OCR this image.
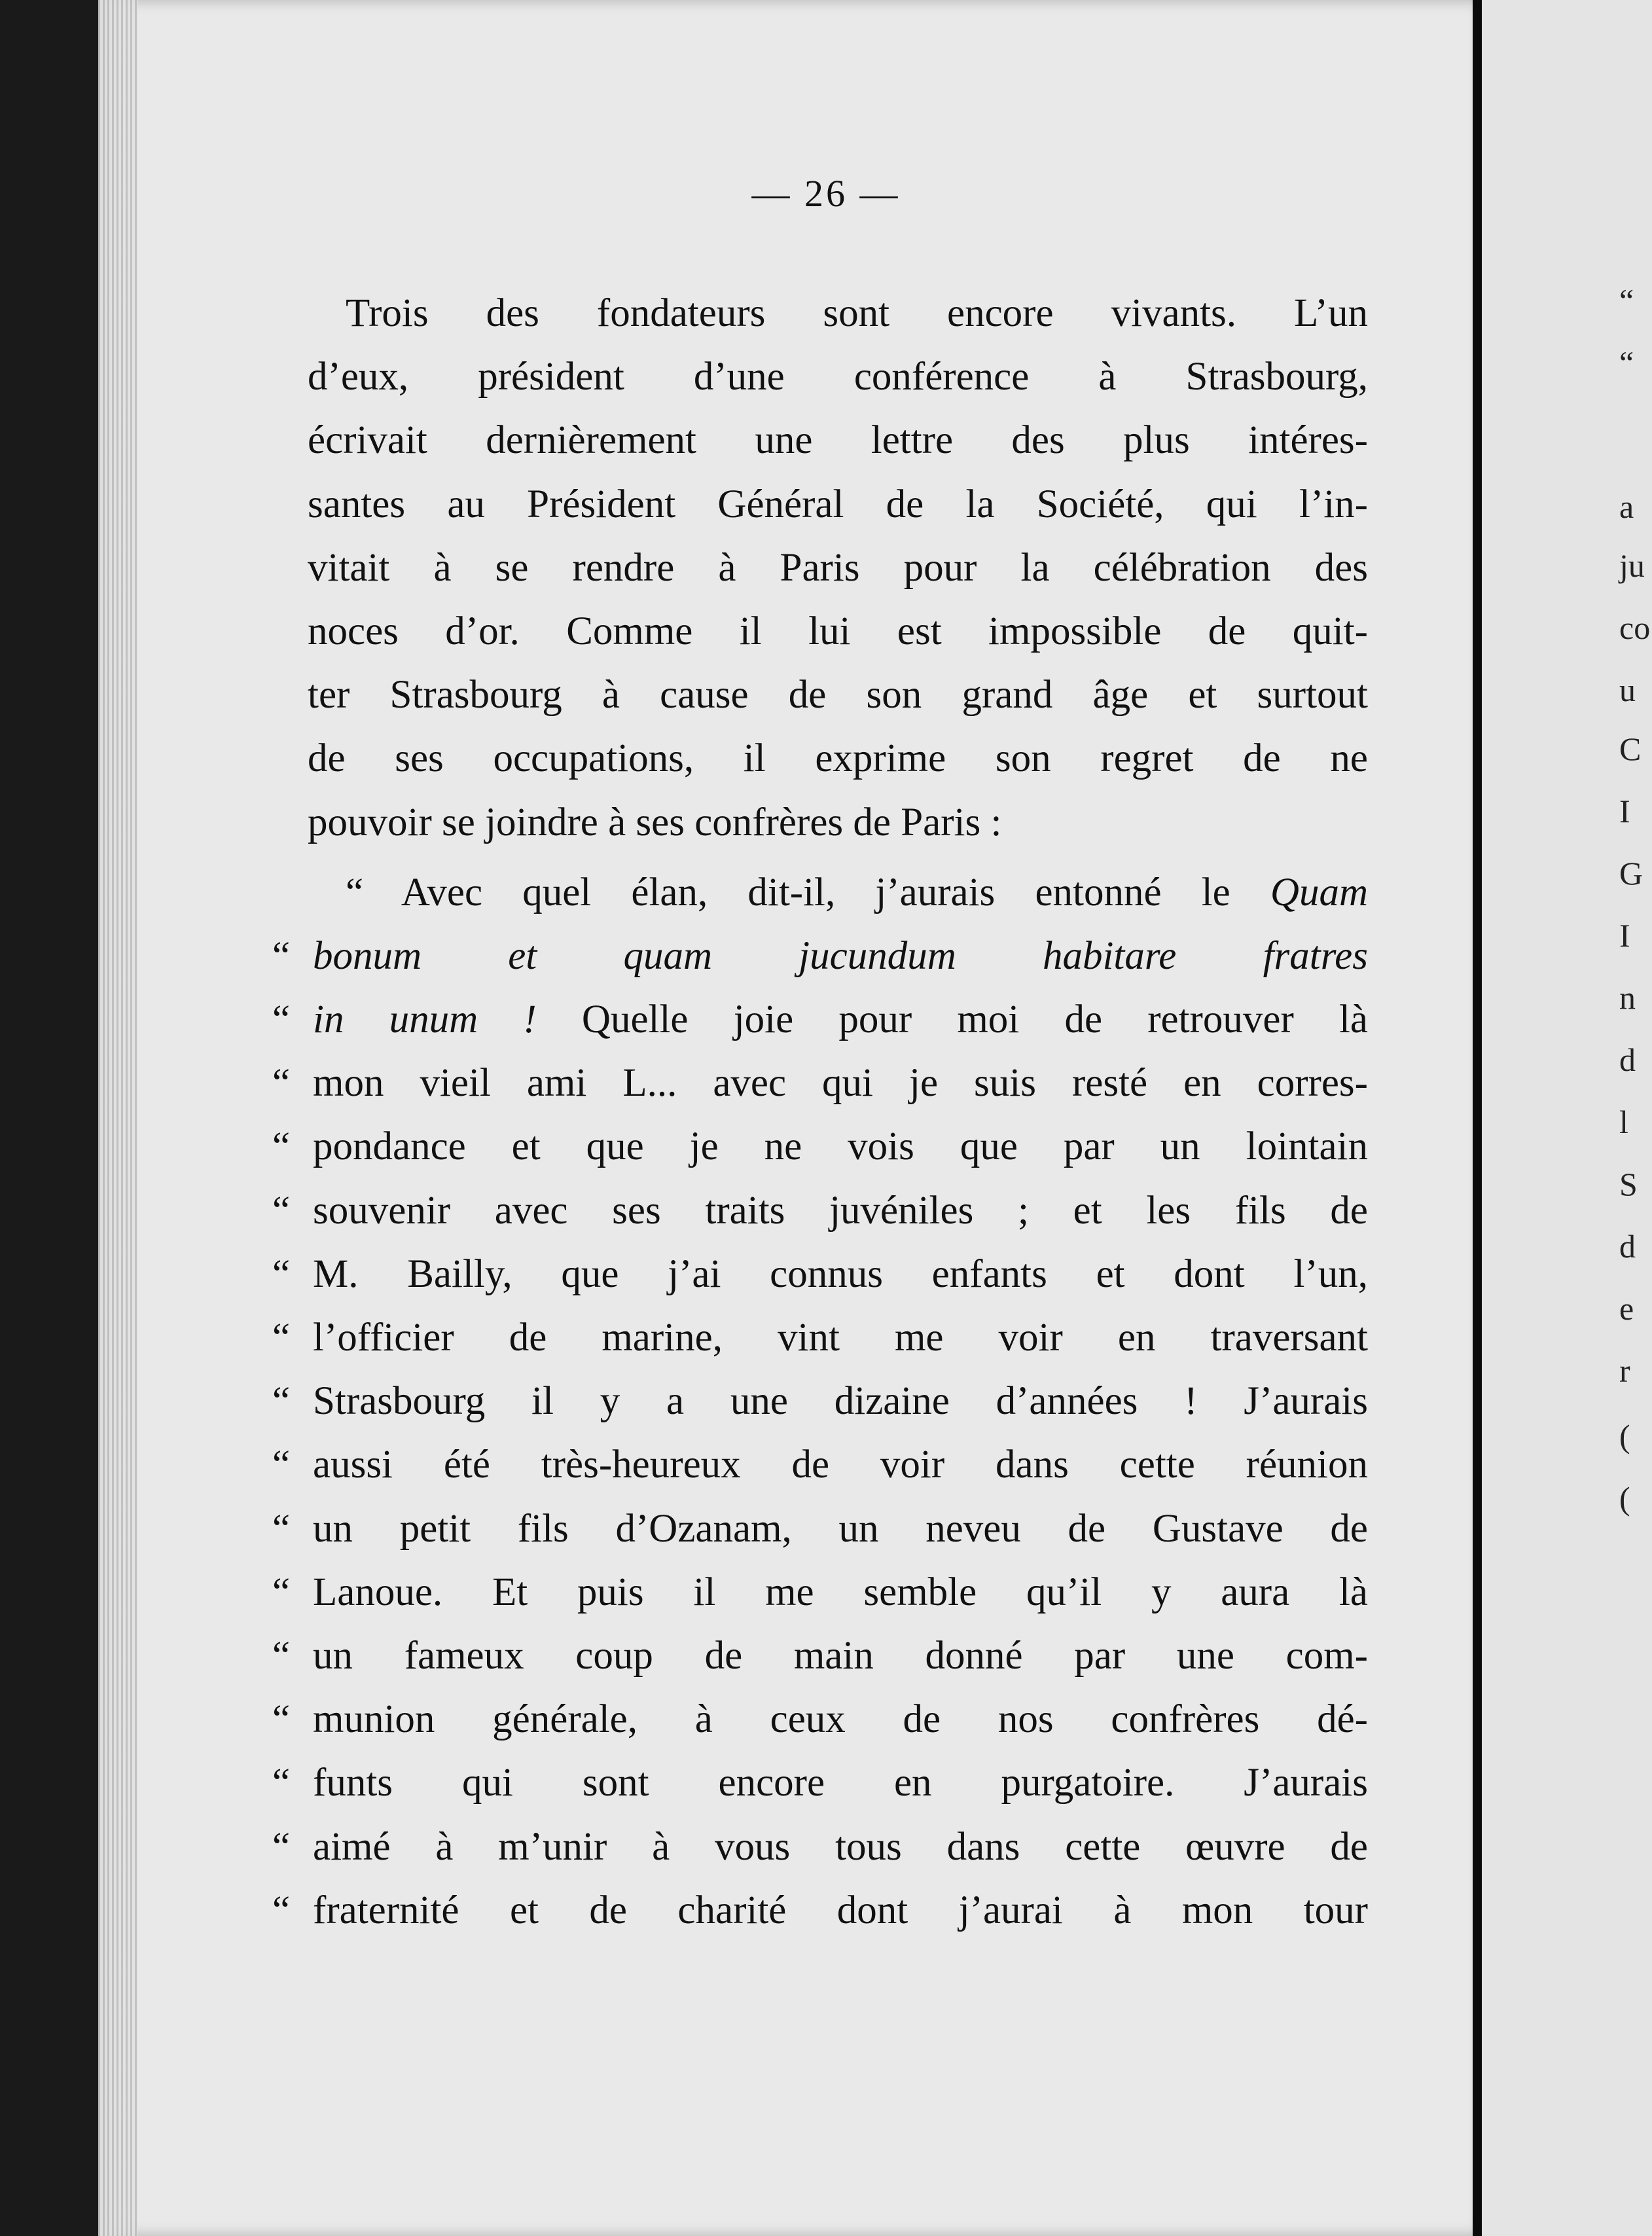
“
“
a
ju
co
u
C
I
G
I
n
d
l
S
d
e
r
(
(
— 26 —
Trois des fondateurs sont encore vivants. L’un
d’eux, président d’une conférence à Strasbourg,
écrivait dernièrement une lettre des plus intéres-
santes au Président Général de la Société, qui l’in-
vitait à se rendre à Paris pour la célébration des
noces d’or. Comme il lui est impossible de quit-
ter Strasbourg à cause de son grand âge et surtout
de ses occupations, il exprime son regret de ne
pouvoir se joindre à ses confrères de Paris :
“ Avec quel élan, dit-il, j’aurais entonné le Quam
“ bonum et quam jucundum habitare fratres
“ in unum ! Quelle joie pour moi de retrouver là
“ mon vieil ami L... avec qui je suis resté en corres-
“ pondance et que je ne vois que par un lointain
“ souvenir avec ses traits juvéniles ; et les fils de
“ M. Bailly, que j’ai connus enfants et dont l’un,
“ l’officier de marine, vint me voir en traversant
“ Strasbourg il y a une dizaine d’années ! J’aurais
“ aussi été très-heureux de voir dans cette réunion
“ un petit fils d’Ozanam, un neveu de Gustave de
“ Lanoue. Et puis il me semble qu’il y aura là
“ un fameux coup de main donné par une com-
“ munion générale, à ceux de nos confrères dé-
“ funts qui sont encore en purgatoire. J’aurais
“ aimé à m’unir à vous tous dans cette œuvre de
“ fraternité et de charité dont j’aurai à mon tour
